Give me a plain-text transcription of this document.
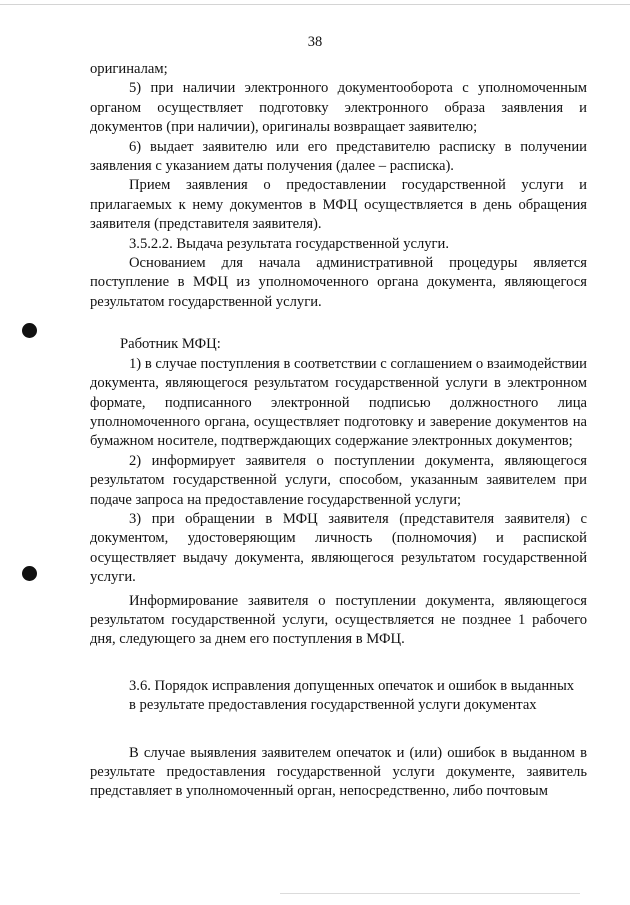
38

оригиналам;

5) при наличии электронного документооборота с уполномоченным органом осуществляет подготовку электронного образа заявления и документов (при наличии), оригиналы возвращает заявителю;

6) выдает заявителю или его представителю расписку в получении заявления с указанием даты получения (далее – расписка).

Прием заявления о предоставлении государственной услуги и прилагаемых к нему документов в МФЦ осуществляется в день обращения заявителя (представителя заявителя).

3.5.2.2. Выдача результата государственной услуги.

Основанием для начала административной процедуры является поступление в МФЦ из уполномоченного органа документа, являющегося результатом государственной услуги.

Работник МФЦ:

1) в случае поступления в соответствии с соглашением о взаимодействии документа, являющегося результатом государственной услуги в электронном формате, подписанного электронной подписью должностного лица уполномоченного органа, осуществляет подготовку и заверение документов на бумажном носителе, подтверждающих содержание электронных документов;

2) информирует заявителя о поступлении документа, являющегося результатом государственной услуги, способом, указанным заявителем при подаче запроса на предоставление государственной услуги;

3) при обращении в МФЦ заявителя (представителя заявителя) с документом, удостоверяющим личность (полномочия) и распиской осуществляет выдачу документа, являющегося результатом государственной услуги.

Информирование заявителя о поступлении документа, являющегося результатом государственной услуги, осуществляется не позднее 1 рабочего дня, следующего за днем его поступления в МФЦ.

3.6. Порядок исправления допущенных опечаток и ошибок в выданных
в результате предоставления государственной услуги документах

В случае выявления заявителем опечаток и (или) ошибок в выданном в результате предоставления государственной услуги документе, заявитель представляет в уполномоченный орган, непосредственно, либо почтовым
